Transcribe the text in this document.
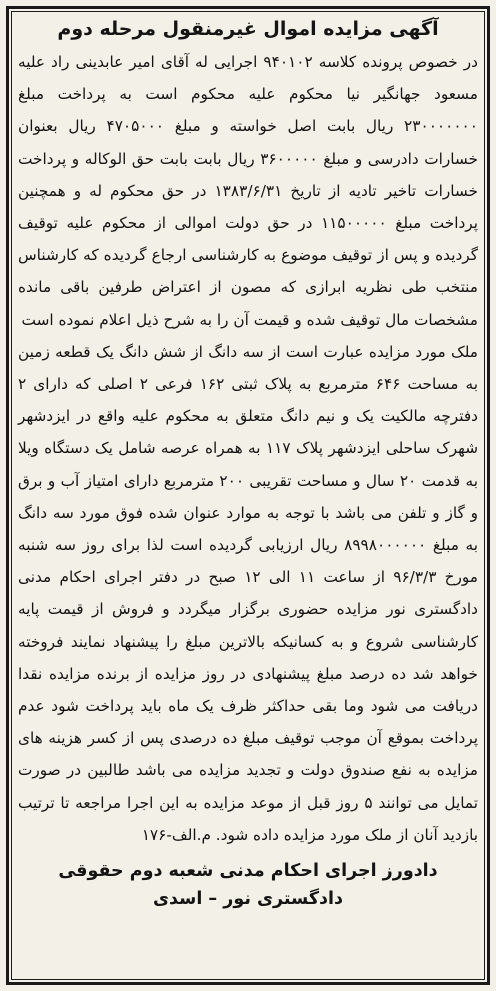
آگهی مزایده اموال غیرمنقول مرحله دوم

در خصوص پرونده کلاسه ۹۴۰۱۰۲ اجرایی له آقای امیر عابدینی راد علیه مسعود جهانگیر نیا محکوم علیه محکوم است به پرداخت مبلغ ۲۳۰۰۰۰۰۰۰ ریال بابت اصل خواسته و مبلغ ۴۷۰۵۰۰۰ ریال بعنوان خسارات دادرسی و مبلغ ۳۶۰۰۰۰۰ ریال بابت بابت حق الوکاله و پرداخت خسارات تاخیر تادیه از تاریخ ۱۳۸۳/۶/۳۱ در حق محکوم له و همچنین پرداخت مبلغ ۱۱۵۰۰۰۰۰ در حق دولت اموالی از محکوم علیه توقیف گردیده و پس از توقیف موضوع به کارشناسی ارجاع گردیده که کارشناس منتخب طی نظریه ابرازی که مصون از اعتراض طرفین باقی مانده مشخصات مال توقیف شده و قیمت آن را به شرح ذیل اعلام نموده است

ملک مورد مزایده عبارت است از سه دانگ از شش دانگ یک قطعه زمین به مساحت ۶۴۶ مترمربع به پلاک ثبتی ۱۶۲ فرعی ۲ اصلی که دارای ۲ دفترچه مالکیت یک و نیم دانگ متعلق به محکوم علیه واقع در ایزدشهر شهرک ساحلی ایزدشهر پلاک ۱۱۷ به همراه عرصه شامل یک دستگاه ویلا به قدمت ۲۰ سال و مساحت تقریبی ۲۰۰ مترمربع دارای امتیاز آب و برق و گاز و تلفن می باشد با توجه به موارد عنوان شده فوق مورد سه دانگ به مبلغ ۸۹۹۸۰۰۰۰۰۰ ریال ارزیابی گردیده است لذا برای روز سه شنبه مورخ ۹۶/۳/۳ از ساعت ۱۱ الی ۱۲ صبح در دفتر اجرای احکام مدنی دادگستری نور مزایده حضوری برگزار میگردد و فروش از قیمت پایه کارشناسی شروع و به کسانیکه بالاترین مبلغ را پیشنهاد نمایند فروخته خواهد شد ده درصد مبلغ پیشنهادی در روز مزایده از برنده مزایده نقدا دریافت می شود وما بقی حداکثر ظرف یک ماه باید پرداخت شود عدم پرداخت بموقع آن موجب توقیف مبلغ ده درصدی پس از کسر هزینه های مزایده به نفع صندوق دولت و تجدید مزایده می باشد طالبین در صورت تمایل می توانند ۵ روز قبل از موعد مزایده به این اجرا مراجعه تا ترتیب بازدید آنان از ملک مورد مزایده داده شود. م.الف-۱۷۶

دادورز اجرای احکام مدنی شعبه دوم حقوقی
دادگستری نور – اسدی
